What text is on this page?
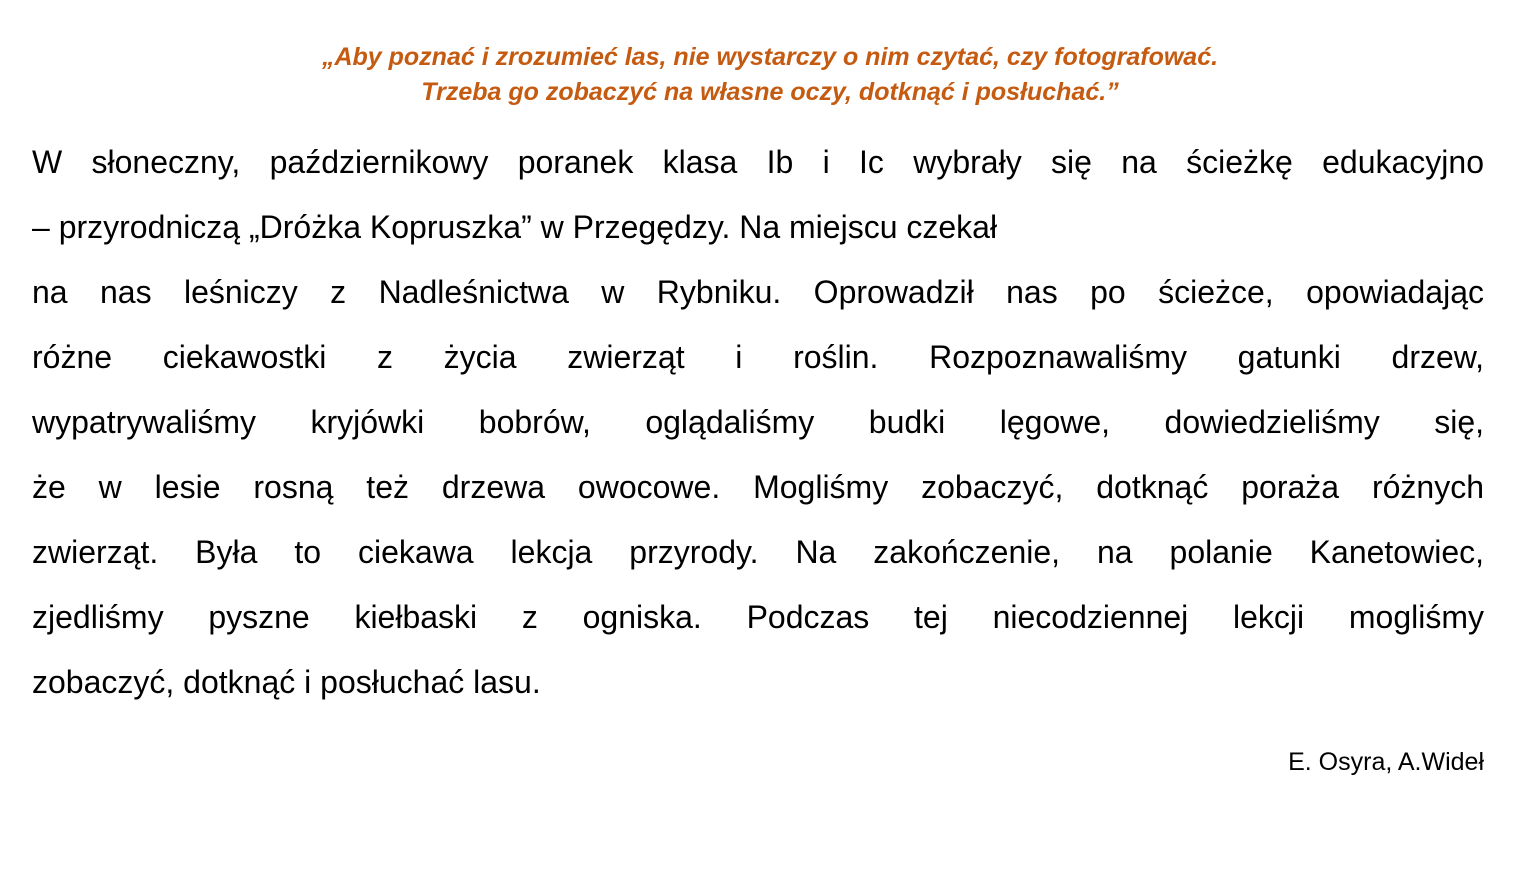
„Aby poznać i zrozumieć las, nie wystarczy o nim czytać, czy fotografować.
Trzeba go zobaczyć na własne oczy, dotknąć i posłuchać.”
W słoneczny, październikowy poranek klasa Ib i Ic wybrały się na ścieżkę edukacyjno
– przyrodniczą „Dróżka Kopruszka” w Przegędzy. Na miejscu czekał
na nas leśniczy z Nadleśnictwa w Rybniku. Oprowadził nas po ścieżce, opowiadając
różne ciekawostki z życia zwierząt i roślin. Rozpoznawaliśmy gatunki drzew,
wypatrywaliśmy kryjówki bobrów, oglądaliśmy budki lęgowe, dowiedzieliśmy się,
że w lesie rosną też drzewa owocowe. Mogliśmy zobaczyć, dotknąć poraża różnych
zwierząt. Była to ciekawa lekcja przyrody. Na zakończenie, na polanie Kanetowiec,
zjedliśmy pyszne kiełbaski z ogniska. Podczas tej niecodziennej lekcji mogliśmy
zobaczyć, dotknąć i posłuchać lasu.
E. Osyra, A.Wideł
